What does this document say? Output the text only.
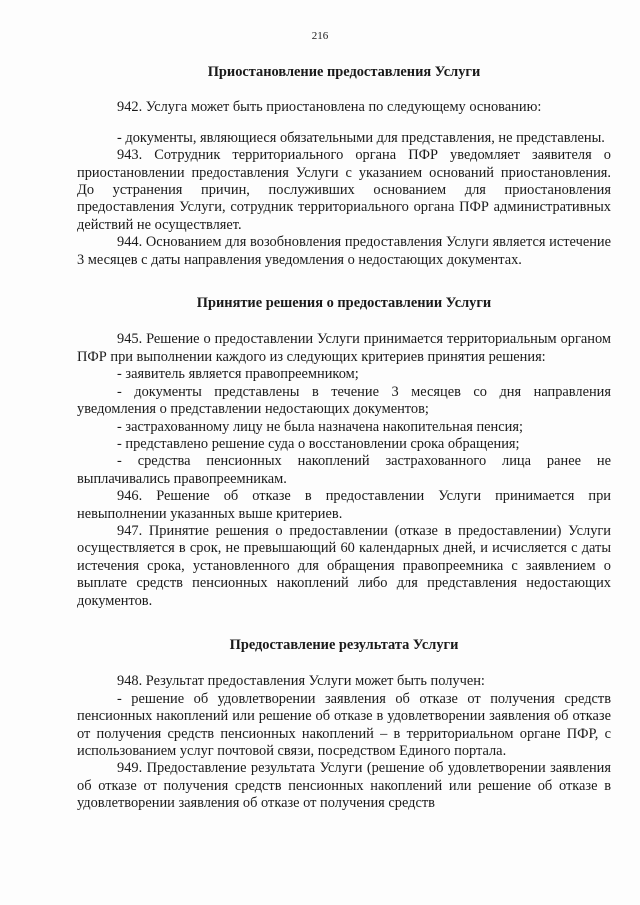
216

Приостановление предоставления Услуги

942. Услуга может быть приостановлена по следующему основанию:

- документы, являющиеся обязательными для представления, не представлены.

943. Сотрудник территориального органа ПФР уведомляет заявителя о приостановлении предоставления Услуги с указанием оснований приостановления. До устранения причин, послуживших основанием для приостановления предоставления Услуги, сотрудник территориального органа ПФР административных действий не осуществляет.

944. Основанием для возобновления предоставления Услуги является истечение 3 месяцев с даты направления уведомления о недостающих документах.

Принятие решения о предоставлении Услуги

945. Решение о предоставлении Услуги принимается территориальным органом ПФР при выполнении каждого из следующих критериев принятия решения:

- заявитель является правопреемником;

- документы представлены в течение 3 месяцев со дня направления уведомления о представлении недостающих документов;

- застрахованному лицу не была назначена накопительная пенсия;

- представлено решение суда о восстановлении срока обращения;

- средства пенсионных накоплений застрахованного лица ранее не выплачивались правопреемникам.

946. Решение об отказе в предоставлении Услуги принимается при невыполнении указанных выше критериев.

947. Принятие решения о предоставлении (отказе в предоставлении) Услуги осуществляется в срок, не превышающий 60 календарных дней, и исчисляется с даты истечения срока, установленного для обращения правопреемника с заявлением о выплате средств пенсионных накоплений либо для представления недостающих документов.

Предоставление результата Услуги

948. Результат предоставления Услуги может быть получен:

- решение об удовлетворении заявления об отказе от получения средств пенсионных накоплений или решение об отказе в удовлетворении заявления об отказе от получения средств пенсионных накоплений – в территориальном органе ПФР, с использованием услуг почтовой связи, посредством Единого портала.

949. Предоставление результата Услуги (решение об удовлетворении заявления об отказе от получения средств пенсионных накоплений или решение об отказе в удовлетворении заявления об отказе от получения средств
